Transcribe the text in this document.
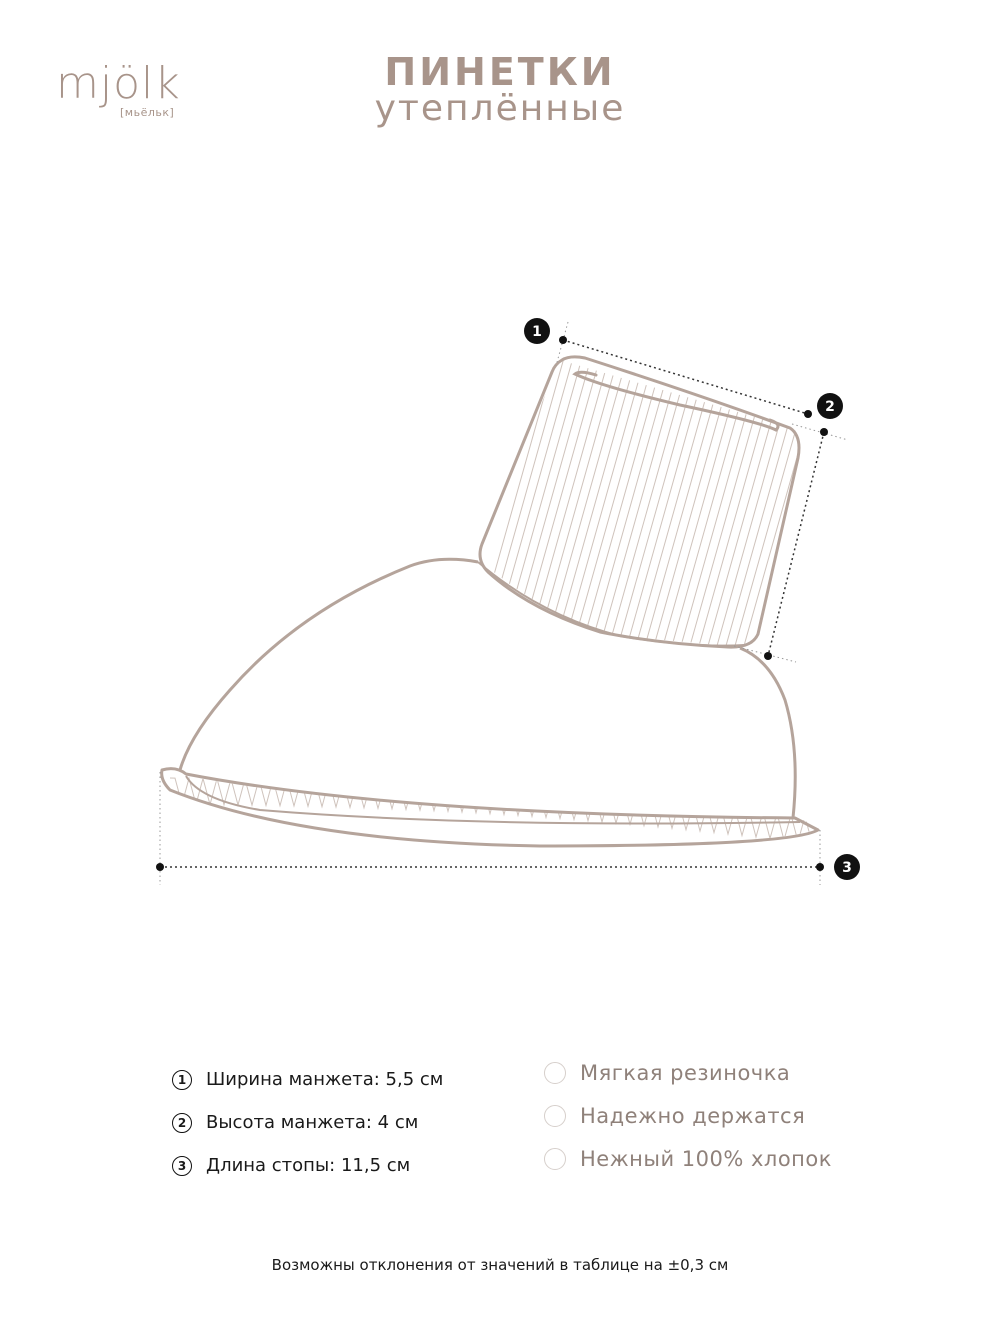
mjölk
[мьёльк]
ПИНЕТКИ
утеплённые
1
2
3
1	Ширина манжета: 5,5 см
2	Высота манжета: 4 см
3	Длина стопы: 11,5 см
Мягкая резиночка
Надежно держатся
Нежный 100% хлопок
Возможны отклонения от значений в таблице на ±0,3 см
